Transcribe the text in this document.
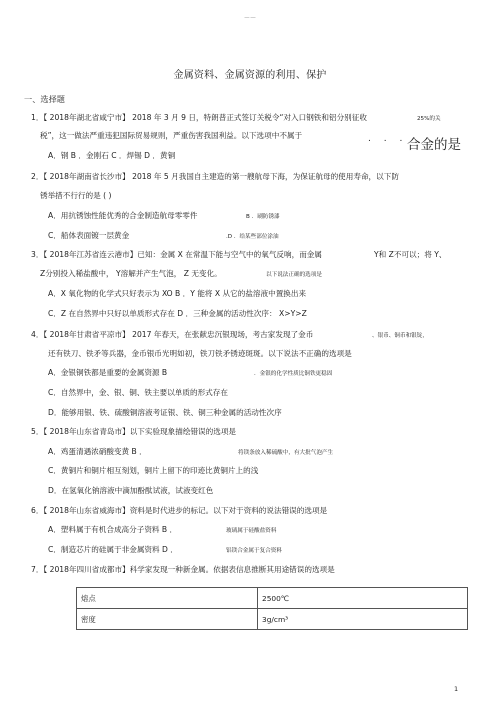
—·—
金属资料、金属资源的利用、保护
一、选择题
1．【 2018年湖北省咸宁市】 2018 年 3 月 9 日，特朗普正式签订关税令“对入口钢铁和铝分别征收	25%的关
税”，这一做法严重违犯国际贸易规则，严重伤害我国利益。以下选项中不属于	. . . 合金的是
A．钢 B ．金刚石 C ．焊锡 D ．黄铜
2．【 2018年湖南省长沙市】 2018 年 5 月我国自主建造的第一艘航母下海，为保证航母的使用寿命，以下防
锈举措不行行的是 ( )
A．用抗锈蚀性能优秀的合金制造航母零零件	B ．刷防锈漆
C．船体表面镀一层黄金	.D ．给某些部位涂油
3．【 2018年江苏省连云港市】已知：金属 X 在常温下能与空气中的氧气反响，而金属	Y和 Z不可以；将 Y、
Z分别投入稀盐酸中， Y溶解并产生气泡， Z 无变化。	以下说法正确的选项是
A．X 氧化物的化学式只好表示为 XO B ．Y 能将 X 从它的盐溶液中置换出来
C．Z 在自然界中只好以单质形式存在 D ．三种金属的活动性次序： X>Y>Z
4．【 2018年甘肃省平凉市】 2017 年春天，在张献忠沉银现场，考古家发现了金币	、银币、铜币和银锭，
还有铁刀、铁矛等兵器，金币银币光明如初，铁刀铁矛锈迹斑斑。以下说法不正确的选项是
A．金银铜铁都是重要的金属资源 B	．金银的化学性质比铜铁更稳固
C．自然界中，金、银、铜、铁主要以单质的形式存在
D．能够用银、铁、硫酸铜溶液考证银、铁、铜三种金属的活动性次序
5．【 2018年山东省青岛市】以下实验现象描绘错误的选项是
A．鸡蛋清遇浓硝酸变黄 B ．	将镁条放入稀硫酸中，有大批气泡产生
C．黄铜片和铜片相互刻划，铜片上留下的印迹比黄铜片上的浅
D．在氢氧化钠溶液中滴加酚酞试液，试液变红色
6．【 2018年山东省威海市】资料是时代进步的标记。以下对于资料的说法错误的选项是
A．塑料属于有机合成高分子资料 B ．	玻璃属于硅酸盐资料
C．制造芯片的硅属于非金属资料 D ．	铝镁合金属于复合资料
7．【 2018年四川省成都市】科学家发现一种新金属。依据表信息推断其用途错误的选项是
熔点	2500℃
密度	3g/cm³
1
